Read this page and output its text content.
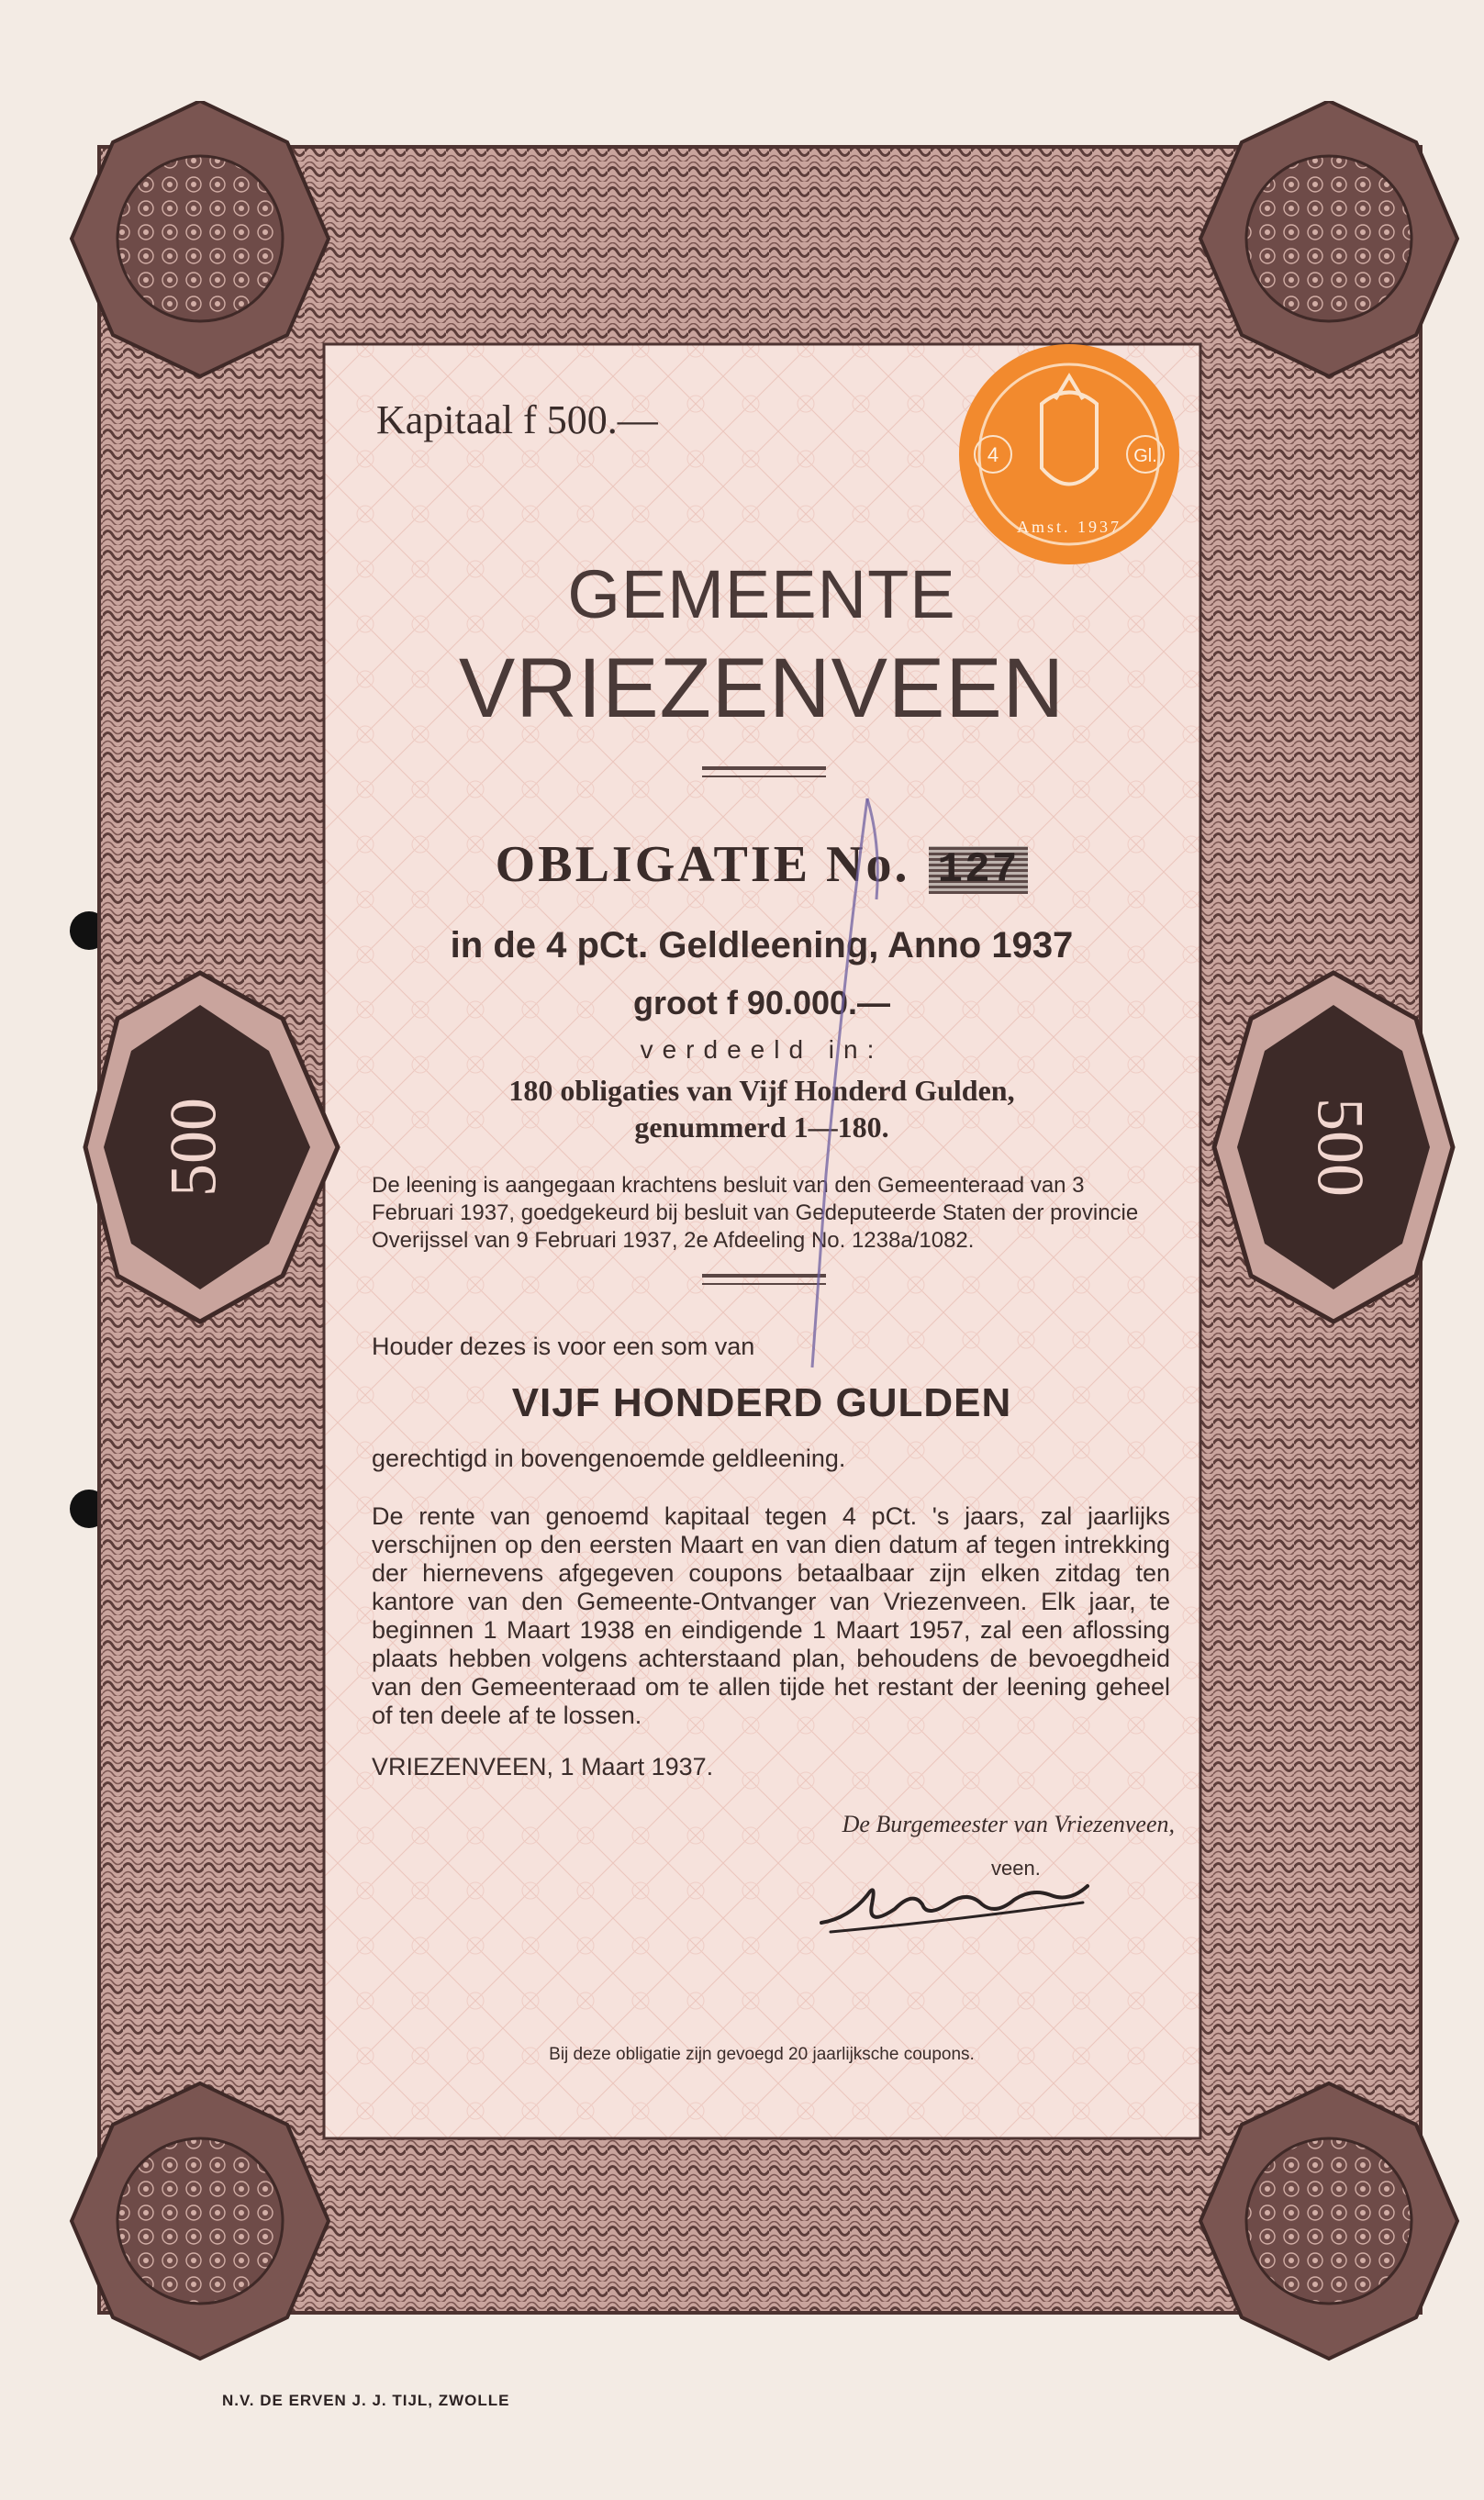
500	500
4	Gl.
Amst. 1937
Kapitaal f 500.—
GEMEENTE
VRIEZENVEEN
OBLIGATIE No. 127
in de 4 pCt. Geldleening, Anno 1937
groot f 90.000.—
verdeeld in:
180 obligaties van Vijf Honderd Gulden,
genummerd 1—180.
De leening is aangegaan krachtens besluit van den Gemeenteraad van 3 Februari 1937, goedgekeurd bij besluit van Gedeputeerde Staten der provincie Overijssel van 9 Februari 1937, 2e Afdeeling No. 1238a/1082.
Houder dezes is voor een som van
VIJF HONDERD GULDEN
gerechtigd in bovengenoemde geldleening.
De rente van genoemd kapitaal tegen 4 pCt. 's jaars, zal jaarlijks verschijnen op den eersten Maart en van dien datum af tegen intrekking der hiernevens afgegeven coupons betaalbaar zijn elken zitdag ten kantore van den Gemeente-Ontvanger van Vriezenveen. Elk jaar, te beginnen 1 Maart 1938 en eindigende 1 Maart 1957, zal een aflossing plaats hebben volgens achterstaand plan, behoudens de bevoegdheid van den Gemeenteraad om te allen tijde het restant der leening geheel of ten deele af te lossen.
VRIEZENVEEN, 1 Maart 1937.
De Burgemeester van Vriezenveen,
veen.
Bij deze obligatie zijn gevoegd 20 jaarlijksche coupons.
N.V. DE ERVEN J. J. TIJL, ZWOLLE
